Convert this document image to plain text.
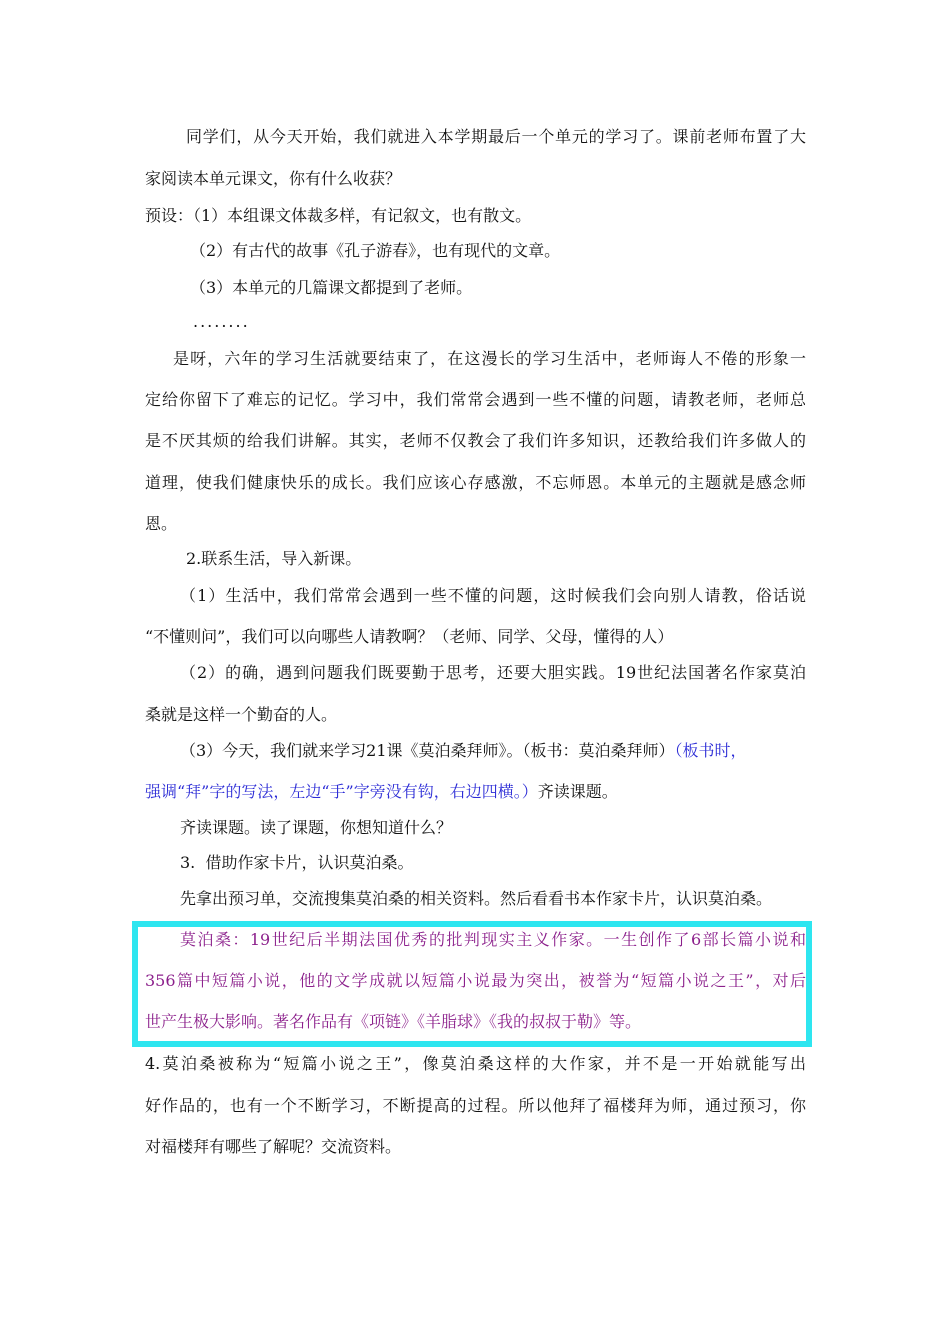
同学们，从今天开始，我们就进入本学期最后一个单元的学习了。课前老师布置了大
家阅读本单元课文，你有什么收获？
预设：（1）本组课文体裁多样，有记叙文，也有散文。
（2）有古代的故事《孔子游春》，也有现代的文章。
（3）本单元的几篇课文都提到了老师。
........
是呀，六年的学习生活就要结束了，在这漫长的学习生活中，老师诲人不倦的形象一
定给你留下了难忘的记忆。学习中，我们常常会遇到一些不懂的问题，请教老师，老师总
是不厌其烦的给我们讲解。其实，老师不仅教会了我们许多知识，还教给我们许多做人的
道理，使我们健康快乐的成长。我们应该心存感激，不忘师恩。本单元的主题就是感念师
恩。
2.联系生活，导入新课。
（1）生活中，我们常常会遇到一些不懂的问题，这时候我们会向别人请教，俗话说
“不懂则问”，我们可以向哪些人请教啊？（老师、同学、父母，懂得的人）
（2）的确，遇到问题我们既要勤于思考，还要大胆实践。19世纪法国著名作家莫泊
桑就是这样一个勤奋的人。
（3）今天，我们就来学习21课《莫泊桑拜师》。（板书：莫泊桑拜师）（板书时，
强调“拜”字的写法，左边“手”字旁没有钩，右边四横。）齐读课题。
齐读课题。读了课题，你想知道什么？
3.  借助作家卡片，认识莫泊桑。
先拿出预习单，交流搜集莫泊桑的相关资料。然后看看书本作家卡片，认识莫泊桑。
莫泊桑：19世纪后半期法国优秀的批判现实主义作家。一生创作了6部长篇小说和
356篇中短篇小说，他的文学成就以短篇小说最为突出，被誉为“短篇小说之王”，对后
世产生极大影响。著名作品有《项链》《羊脂球》《我的叔叔于勒》等。
4.莫泊桑被称为“短篇小说之王”，像莫泊桑这样的大作家，并不是一开始就能写出
好作品的，也有一个不断学习，不断提高的过程。所以他拜了福楼拜为师，通过预习，你
对福楼拜有哪些了解呢？交流资料。
